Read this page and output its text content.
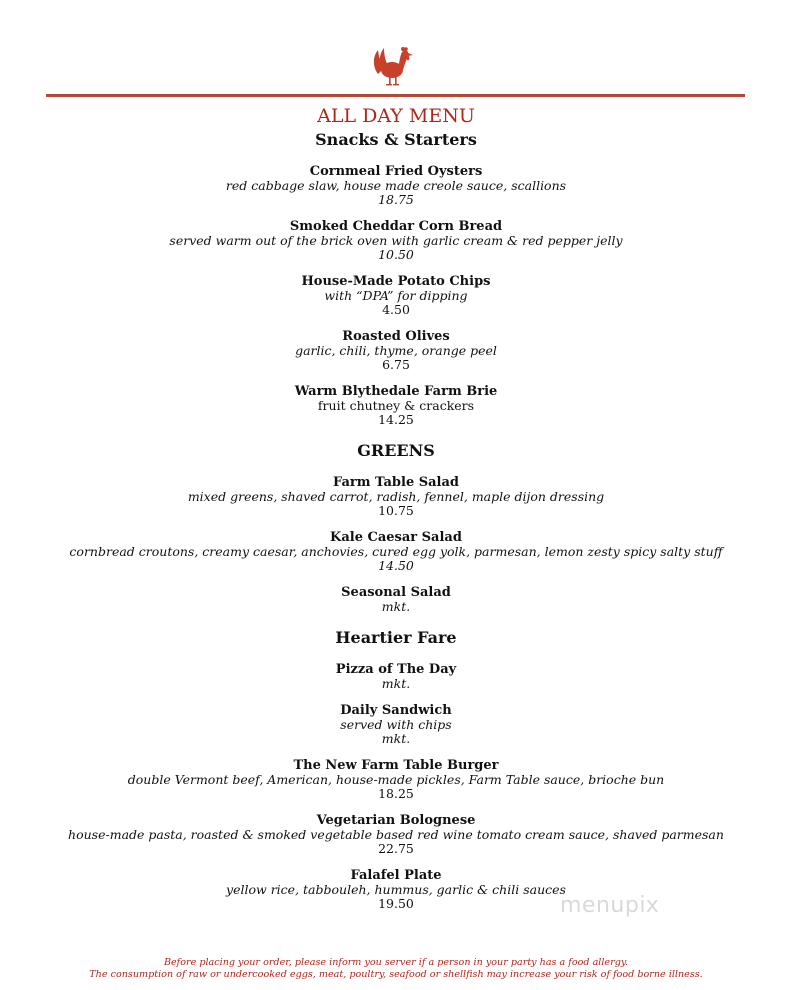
ALL DAY MENU
Snacks & Starters
Cornmeal Fried Oysters
red cabbage slaw, house made creole sauce, scallions
18.75
Smoked Cheddar Corn Bread
served warm out of the brick oven with garlic cream & red pepper jelly
10.50
House-Made Potato Chips
with “DPA” for dipping
4.50
Roasted Olives
garlic, chili, thyme, orange peel
6.75
Warm Blythedale Farm Brie
fruit chutney & crackers
14.25
GREENS
Farm Table Salad
mixed greens, shaved carrot, radish, fennel, maple dijon dressing
10.75
Kale Caesar Salad
cornbread croutons, creamy caesar, anchovies, cured egg yolk, parmesan, lemon zesty spicy salty stuff
14.50
Seasonal Salad
mkt.
Heartier Fare
Pizza of The Day
mkt.
Daily Sandwich
served with chips
mkt.
The New Farm Table Burger
double Vermont beef, American, house-made pickles, Farm Table sauce, brioche bun
18.25
Vegetarian Bolognese
house-made pasta, roasted & smoked vegetable based red wine tomato cream sauce, shaved parmesan
22.75
Falafel Plate
yellow rice, tabbouleh, hummus, garlic & chili sauces
19.50	menupix
Before placing your order, please inform you server if a person in your party has a food allergy.
The consumption of raw or undercooked eggs, meat, poultry, seafood or shellfish may increase your risk of food borne illness.
